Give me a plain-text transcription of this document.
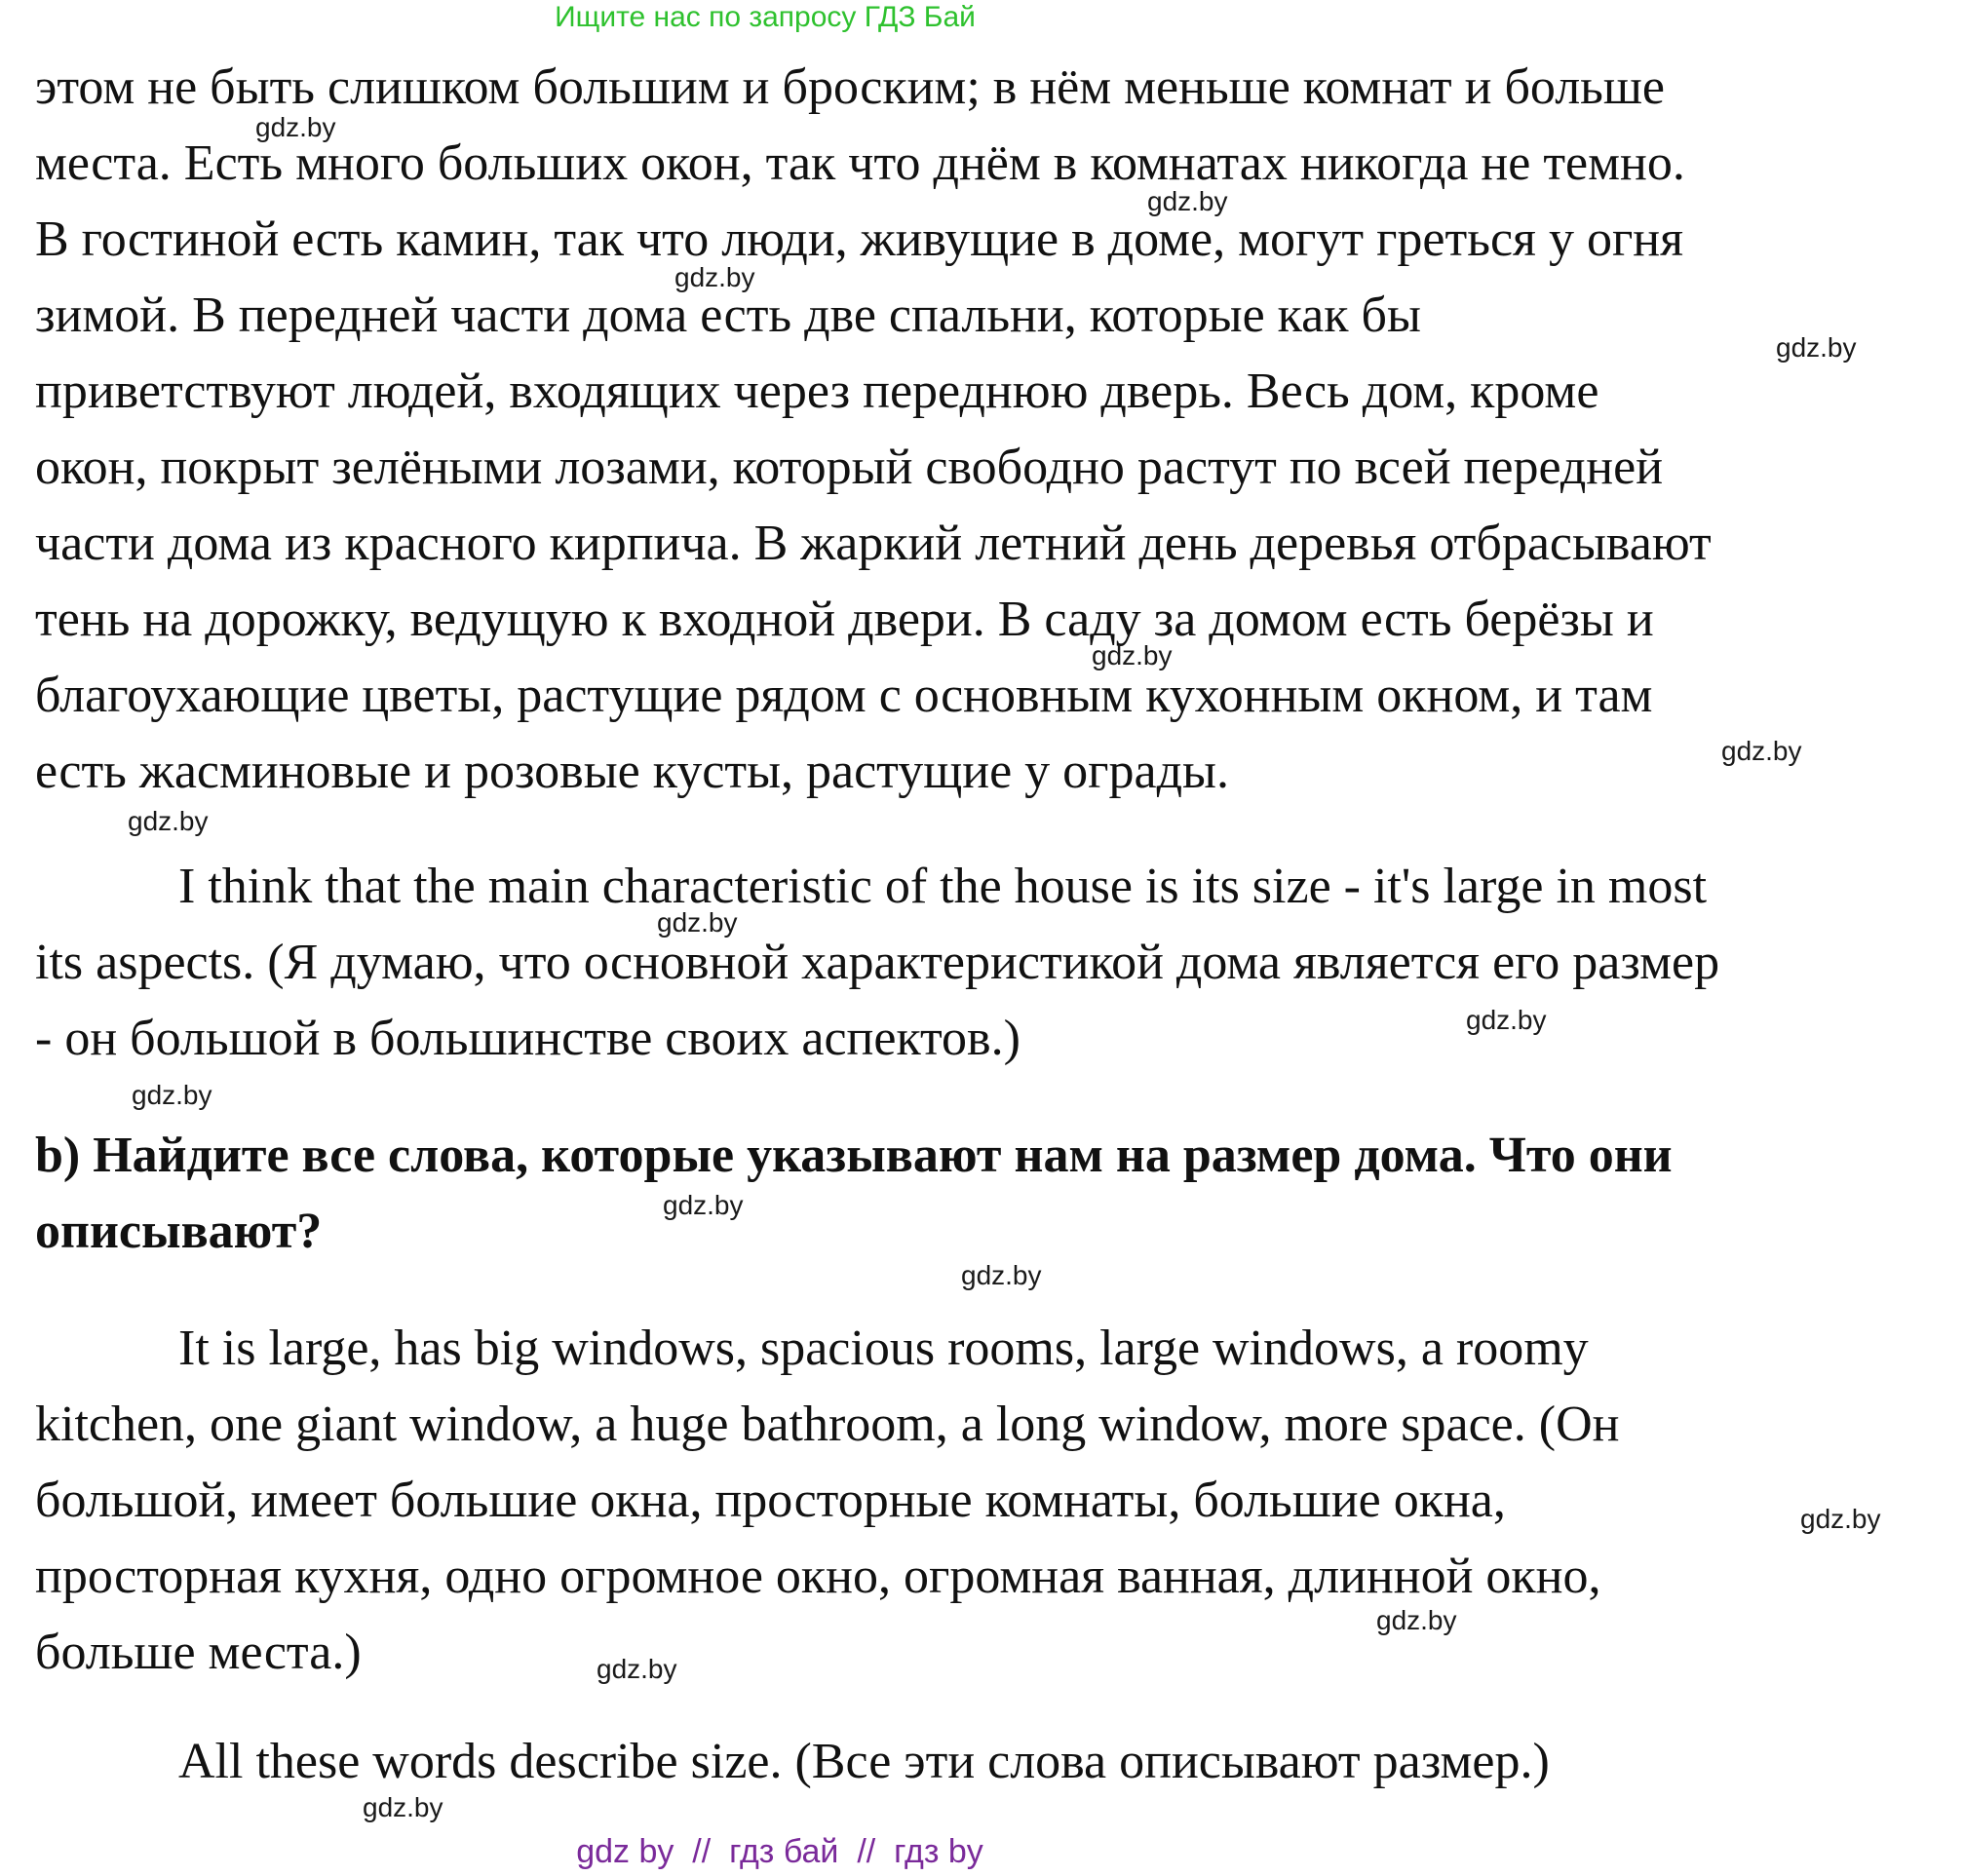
Ищите нас по запросу ГДЗ Бай
этом не быть слишком большим и броским; в нём меньше комнат и больше
места. Есть много больших окон, так что днём в комнатах никогда не темно.
В гостиной есть камин, так что люди, живущие в доме, могут греться у огня
зимой. В передней части дома есть две спальни, которые как бы
приветствуют людей, входящих через переднюю дверь. Весь дом, кроме
окон, покрыт зелёными лозами, который свободно растут по всей передней
части дома из красного кирпича. В жаркий летний день деревья отбрасывают
тень на дорожку, ведущую к входной двери. В саду за домом есть берёзы и
благоухающие цветы, растущие рядом с основным кухонным окном, и там
есть жасминовые и розовые кусты, растущие у ограды.
I think that the main characteristic of the house is its size - it's large in most
its aspects. (Я думаю, что основной характеристикой дома является его размер
- он большой в большинстве своих аспектов.)
b) Найдите все слова, которые указывают нам на размер дома. Что они
описывают?
It is large, has big windows, spacious rooms, large windows, a roomy
kitchen, one giant window, a huge bathroom, a long window, more space. (Он
большой, имеет большие окна, просторные комнаты, большие окна,
просторная кухня, одно огромное окно, огромная ванная, длинной окно,
больше места.)
All these words describe size. (Все эти слова описывают размер.)
gdz.by
gdz.by
gdz.by
gdz.by
gdz.by
gdz.by
gdz.by
gdz.by
gdz.by
gdz.by
gdz.by
gdz.by
gdz.by
gdz.by
gdz.by
gdz.by
gdz by  //  гдз бай  //  гдз by
